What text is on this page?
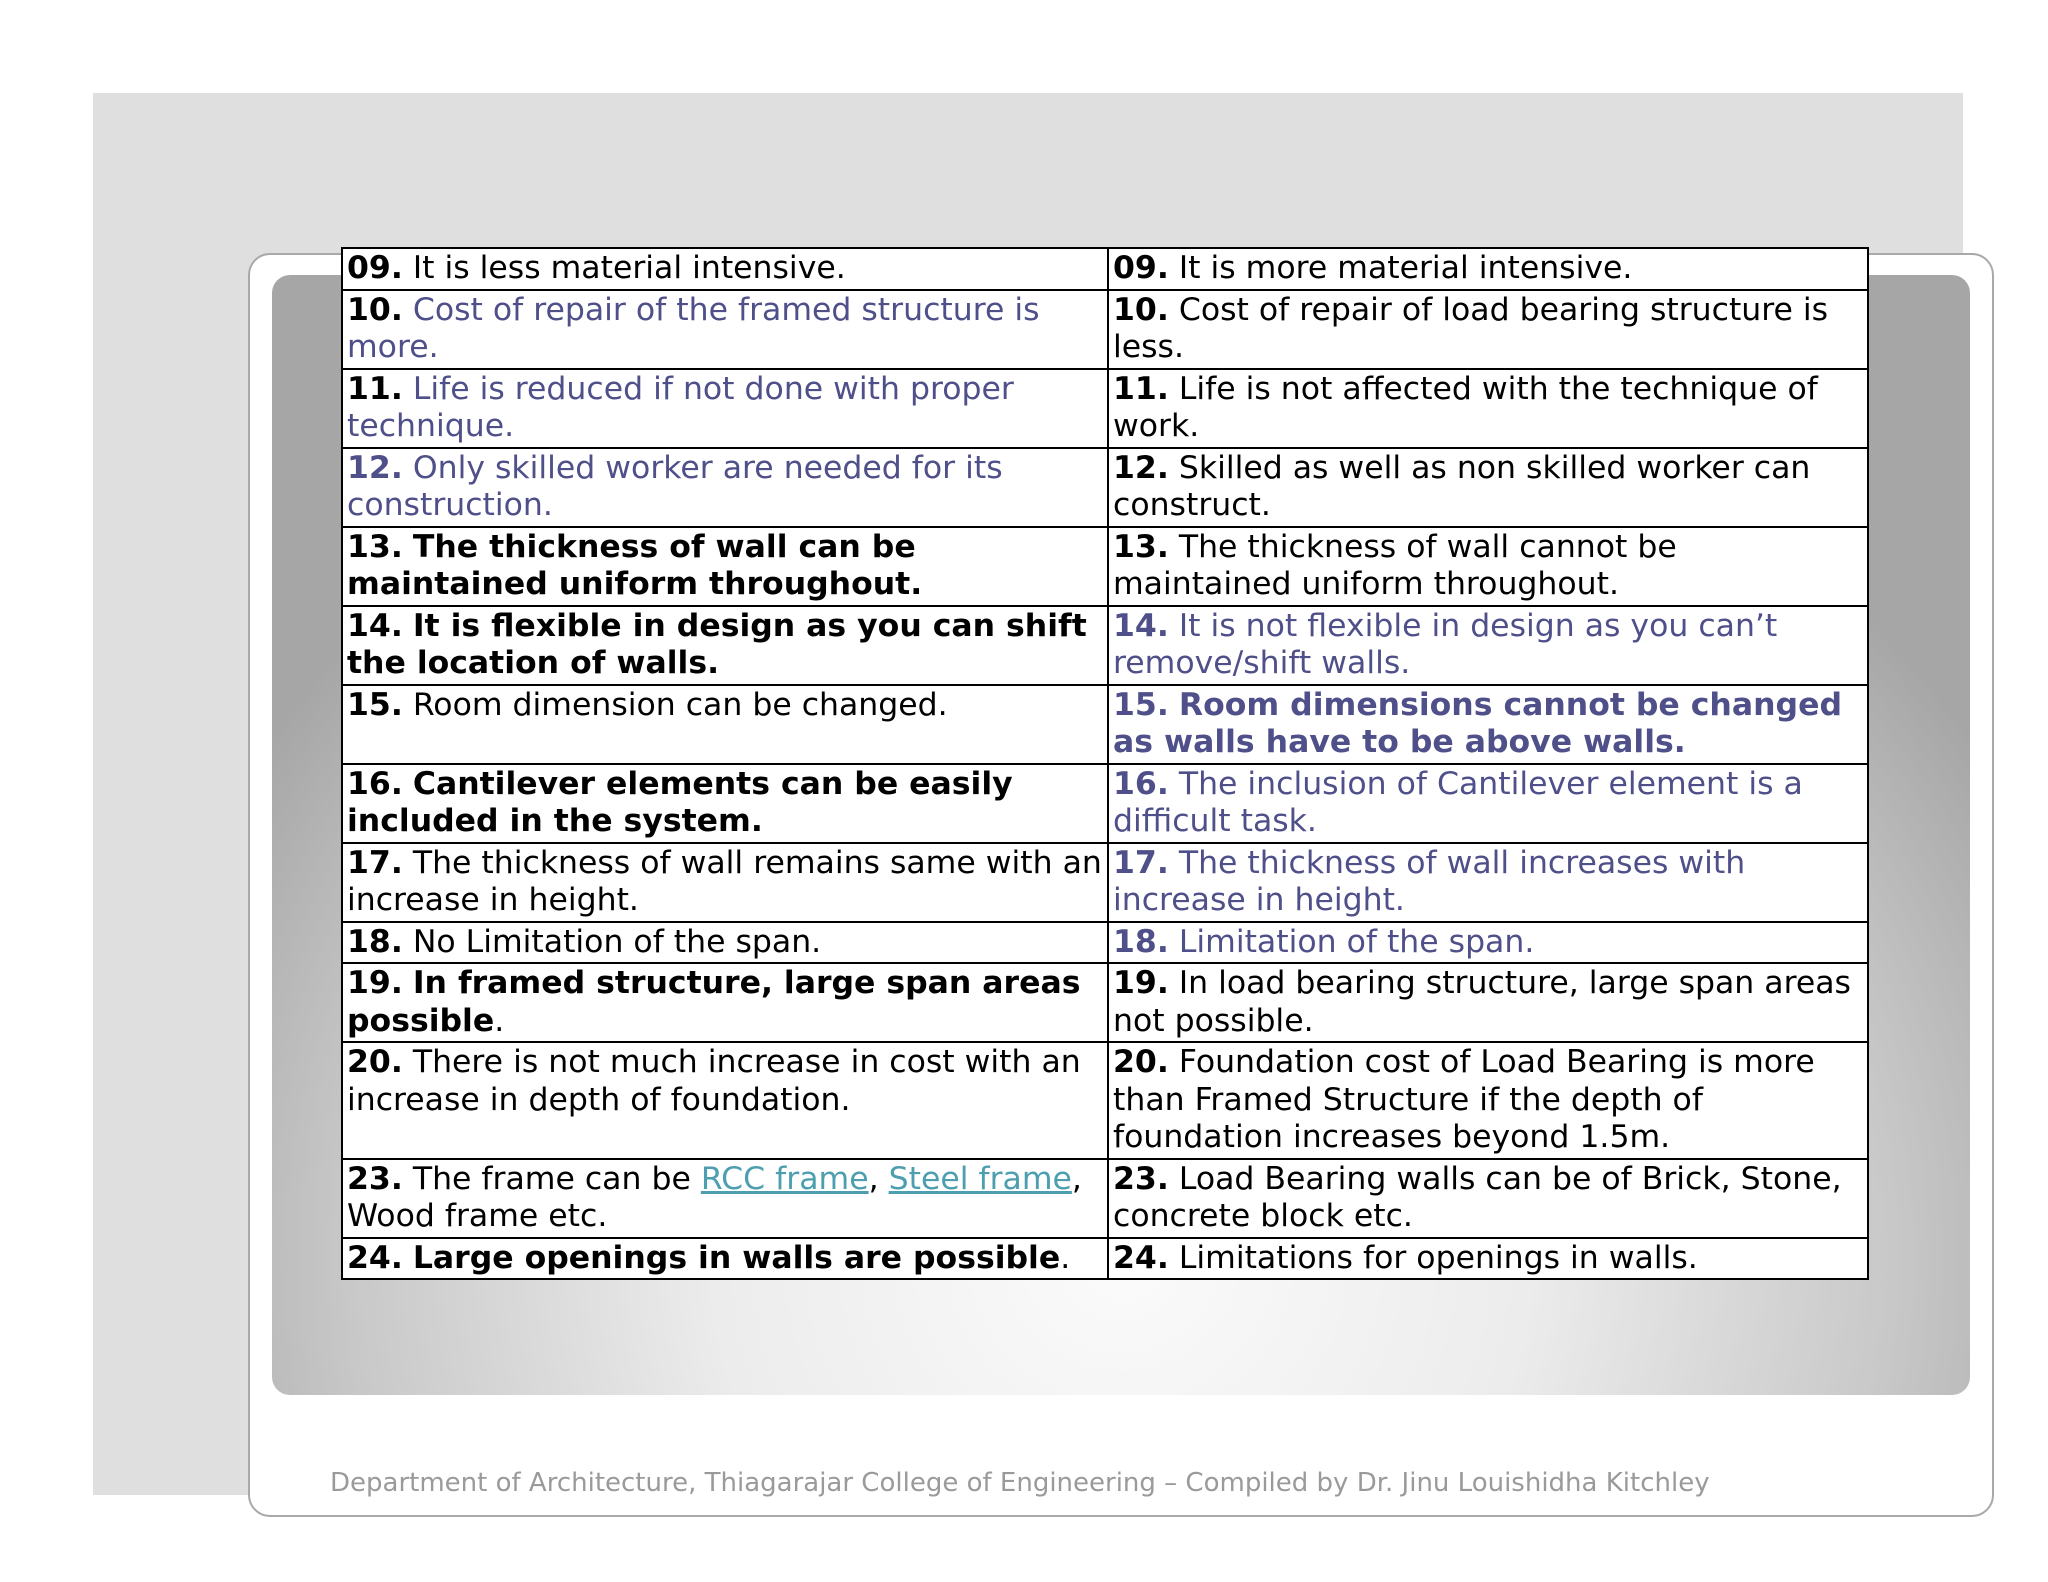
09. It is less material intensive.	09. It is more material intensive.
10. Cost of repair of the framed structure is more.	10. Cost of repair of load bearing structure is less.
11. Life is reduced if not done with proper technique.	11. Life is not affected with the technique of work.
12. Only skilled worker are needed for its construction.	12. Skilled as well as non skilled worker can construct.
13. The thickness of wall can be maintained uniform throughout.	13. The thickness of wall cannot be maintained uniform throughout.
14. It is flexible in design as you can shift the location of walls.	14. It is not flexible in design as you can’t remove/shift walls.
15. Room dimension can be changed.	15. Room dimensions cannot be changed as walls have to be above walls.
16. Cantilever elements can be easily included in the system.	16. The inclusion of Cantilever element is a difficult task.
17. The thickness of wall remains same with an increase in height.	17. The thickness of wall increases with increase in height.
18. No Limitation of the span.	18. Limitation of the span.
19. In framed structure, large span areas possible.	19. In load bearing structure, large span areas not possible.
20. There is not much increase in cost with an increase in depth of foundation.	20. Foundation cost of Load Bearing is more than Framed Structure if the depth of foundation increases beyond 1.5m.
23. The frame can be RCC frame, Steel frame, Wood frame etc.	23. Load Bearing walls can be of Brick, Stone, concrete block etc.
24. Large openings in walls are possible.	24. Limitations for openings in walls.
Department of Architecture, Thiagarajar College of Engineering – Compiled by Dr. Jinu Louishidha Kitchley
